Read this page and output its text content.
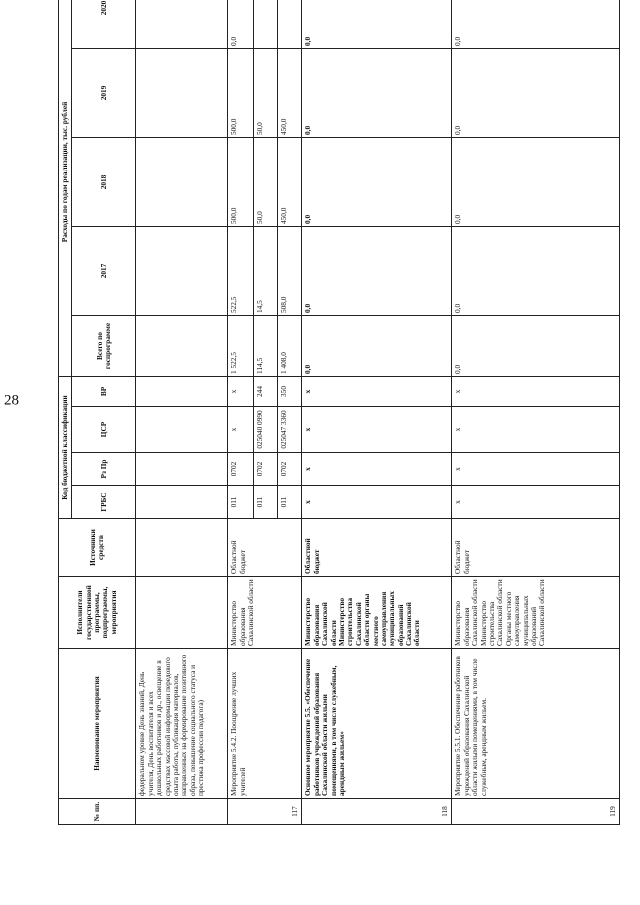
28
№ пп.	Наименование мероприятия	Исполнители государственной программы, подпрограммы, мероприятия	Источники средств	Код бюджетной классификации				Расходы по годам реализации, тыс. рублей				
				ГРБС	Рз Пр	ЦСР	ВР	Всего по госпрограмме	2017	2018	2019	2020
	федеральном уровне День знаний, День учителя, День воспитателя и всех дошкольных работников и др., освещение в средствах массовой информации передового опыта работы, публикация материалов, направленных на формирование позитивного образа, повышение социального статуса и престижа профессии педагога)											
117	Мероприятие 5.4.2. Поощрение лучших учителей	Министерство образования Сахалинской области	Областной бюджет	011	0702	x	x	1 522,5	522,5	500,0	500,0	0,0
				011	0702	025040 0990	244	114,5	14,5	50,0	50,0	
				011	0702	025047 3360	350	1 408,0	508,0	450,0	450,0	
118	Основное мероприятие 5.5. «Обеспечение работников учреждений образования Сахалинской области жилыми помещениями, в том числе служебным, арендным жильем»	Министерство образования Сахалинской области Министерство строительства Сахалинской области органы местного самоуправления муниципальных образований Сахалинской области	Областной бюджет	x	x	x	x	0,0	0,0	0,0	0,0	0,0
119	Мероприятие 5.5.1. Обеспечение работников учреждений образования Сахалинской области жилыми помещениями, в том числе служебным, арендным жильем.	Министерство образования Сахалинской области Министерство строительства Сахалинской области Органы местного самоуправления муниципальных образований Сахалинской области	Областной бюджет	x	x	x	x	0,0	0,0	0,0	0,0	0,0
